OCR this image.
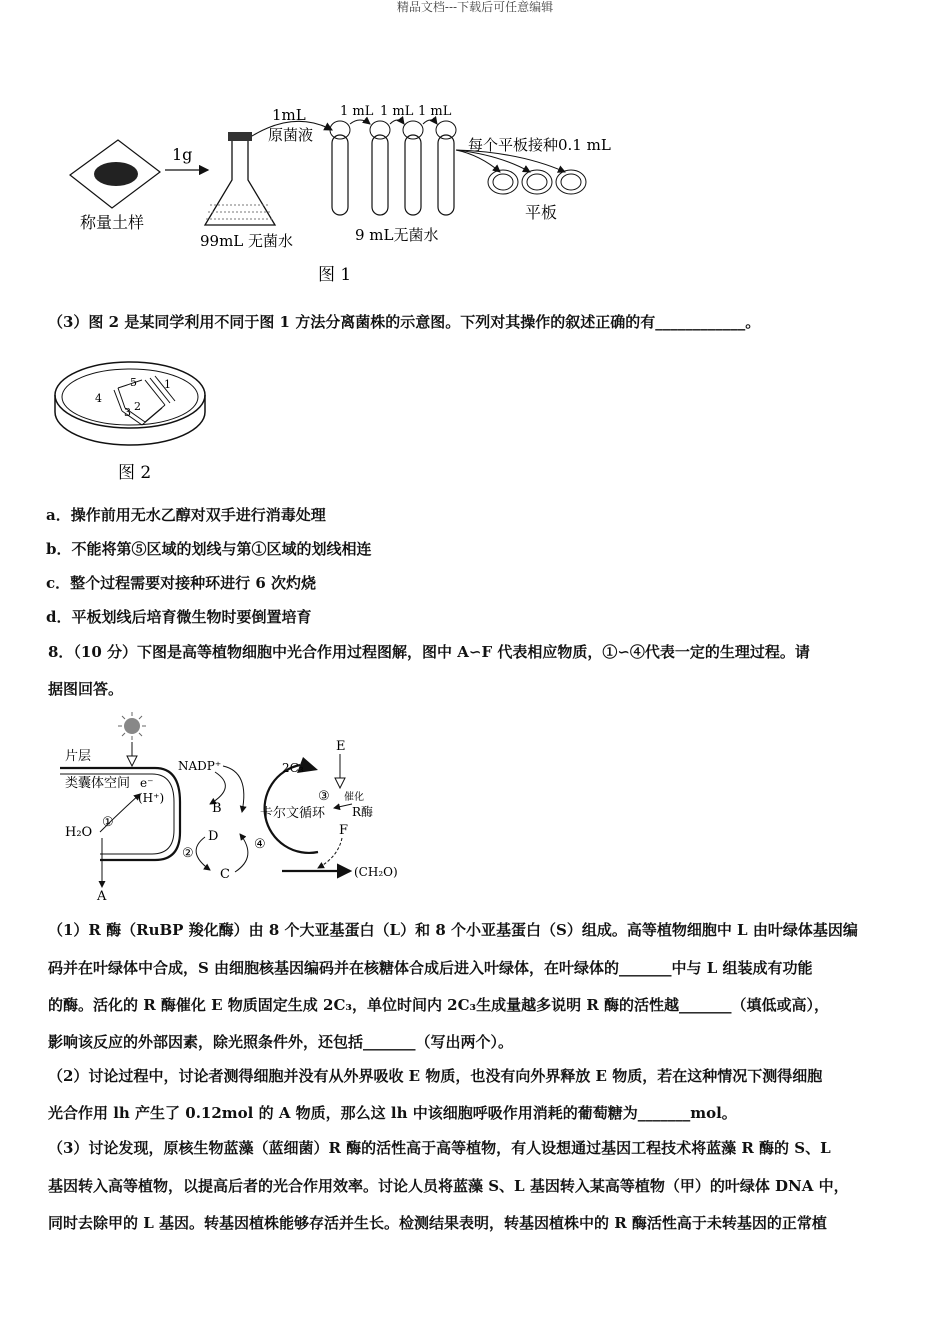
精品文档---下载后可任意编辑
称量土样
1g
99mL 无菌水
1mL
原菌液
1 mL 1 mL 1 mL
9 mL无菌水
每个平板接种0.1 mL
平板
图 1
（3）图 2 是某同学利用不同于图 1 方法分离菌株的示意图。下列对其操作的叙述正确的有____________。
1
2
3
4
5
图 2
a．操作前用无水乙醇对双手进行消毒处理
b．不能将第⑤区域的划线与第①区域的划线相连
c．整个过程需要对接种环进行 6 次灼烧
d．平板划线后培育微生物时要倒置培育
8．（10 分）下图是高等植物细胞中光合作用过程图解，图中 A∽F 代表相应物质，①∽④代表一定的生理过程。请
据图回答。
片层
类囊体空间 e⁻
(H⁺)
H₂O
①
A
NADP⁺
B
D
C
②
2C₃
卡尔文循环
③
④
E
催化
R酶
F
(CH₂O)
（1）R 酶（RuBP 羧化酶）由 8 个大亚基蛋白（L）和 8 个小亚基蛋白（S）组成。高等植物细胞中 L 由叶绿体基因编
码并在叶绿体中合成，S 由细胞核基因编码并在核糖体合成后进入叶绿体，在叶绿体的_______中与 L 组装成有功能
的酶。活化的 R 酶催化 E 物质固定生成 2C₃，单位时间内 2C₃生成量越多说明 R 酶的活性越_______（填低或高），
影响该反应的外部因素，除光照条件外，还包括_______（写出两个）。
（2）讨论过程中，讨论者测得细胞并没有从外界吸收 E 物质，也没有向外界释放 E 物质，若在这种情况下测得细胞
光合作用 lh 产生了 0.12mol 的 A 物质，那么这 lh 中该细胞呼吸作用消耗的葡萄糖为_______mol。
（3）讨论发现，原核生物蓝藻（蓝细菌）R 酶的活性高于高等植物，有人设想通过基因工程技术将蓝藻 R 酶的 S、L
基因转入高等植物，以提高后者的光合作用效率。讨论人员将蓝藻 S、L 基因转入某高等植物（甲）的叶绿体 DNA 中，
同时去除甲的 L 基因。转基因植株能够存活并生长。检测结果表明，转基因植株中的 R 酶活性高于未转基因的正常植
